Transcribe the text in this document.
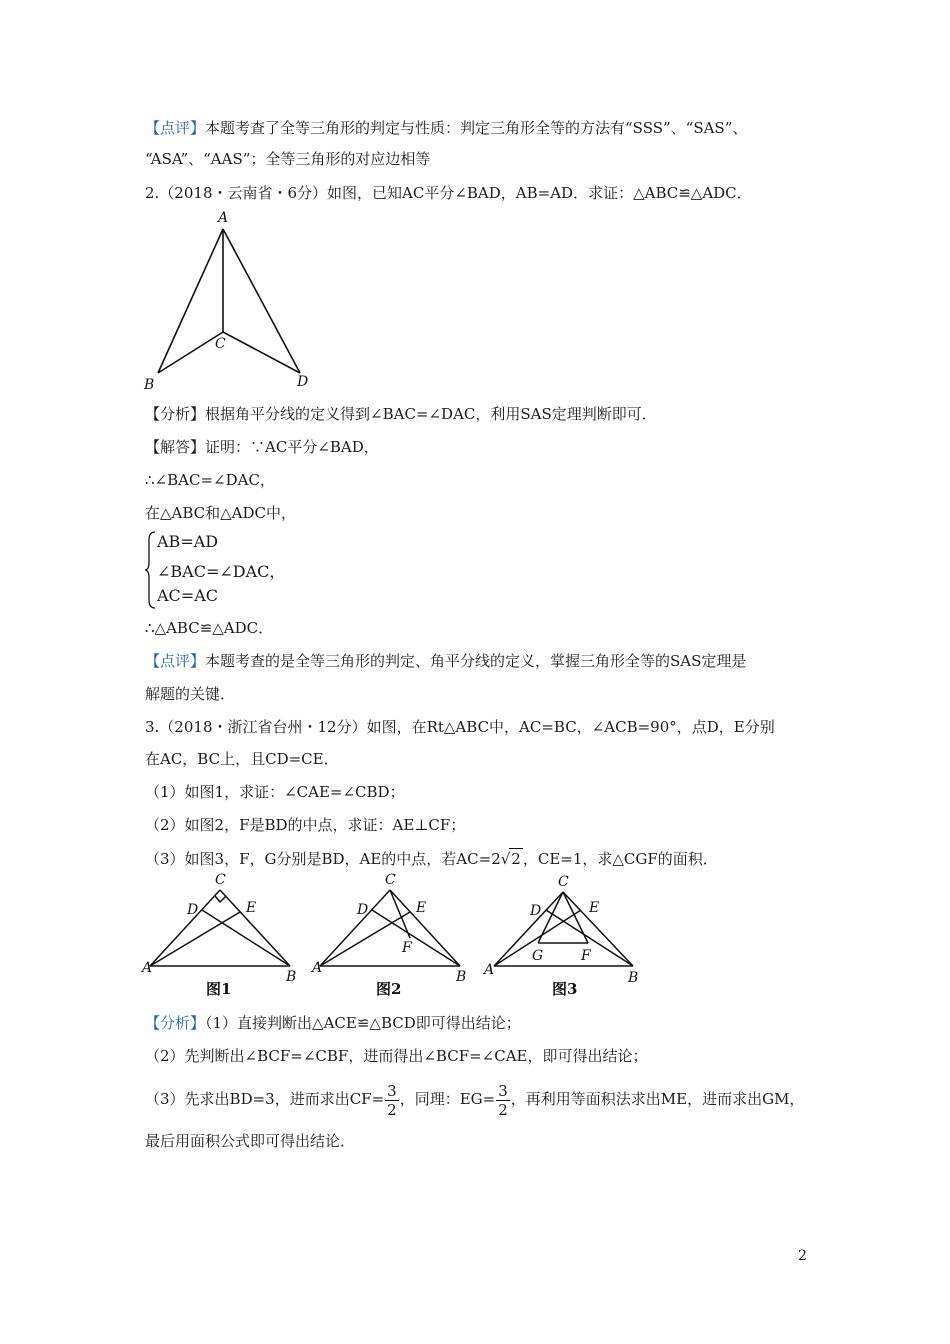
【点评】本题考查了全等三角形的判定与性质：判定三角形全等的方法有“SSS”、“SAS”、
“ASA”、“AAS”；全等三角形的对应边相等
2.（2018・云南省・6分）如图，已知AC平分∠BAD，AB=AD．求证：△ABC≌△ADC．
A
C
B	D
【分析】根据角平分线的定义得到∠BAC=∠DAC，利用SAS定理判断即可．
【解答】证明：∵AC平分∠BAD，
∴∠BAC=∠DAC，
在△ABC和△ADC中，
AB=AD
∠BAC=∠DAC，
AC=AC
∴△ABC≌△ADC．
【点评】本题考查的是全等三角形的判定、角平分线的定义，掌握三角形全等的SAS定理是
解题的关键．
3.（2018・浙江省台州・12分）如图，在Rt△ABC中，AC=BC，∠ACB=90°，点D，E分别
在AC，BC上，且CD=CE．
（1）如图1，求证：∠CAE=∠CBD；
（2）如图2，F是BD的中点，求证：AE⊥CF；
（3）如图3，F，G分别是BD，AE的中点，若AC=2√2 ，CE=1，求△CGF的面积．
C
D	E
A
B
图1
C
D	E
F
A
B
图2
C
D	E
G	F
A	B
图3
【分析】（1）直接判断出△ACE≌△BCD即可得出结论；
（2）先判断出∠BCF=∠CBF，进而得出∠BCF=∠CAE，即可得出结论；
（3）先求出BD=3，进而求出$CF= \frac{3}{2}$ ，同理：$EG= \frac{3}{2}$ ，再利用等面积法求出ME，进而求出GM，
最后用面积公式即可得出结论．
2
